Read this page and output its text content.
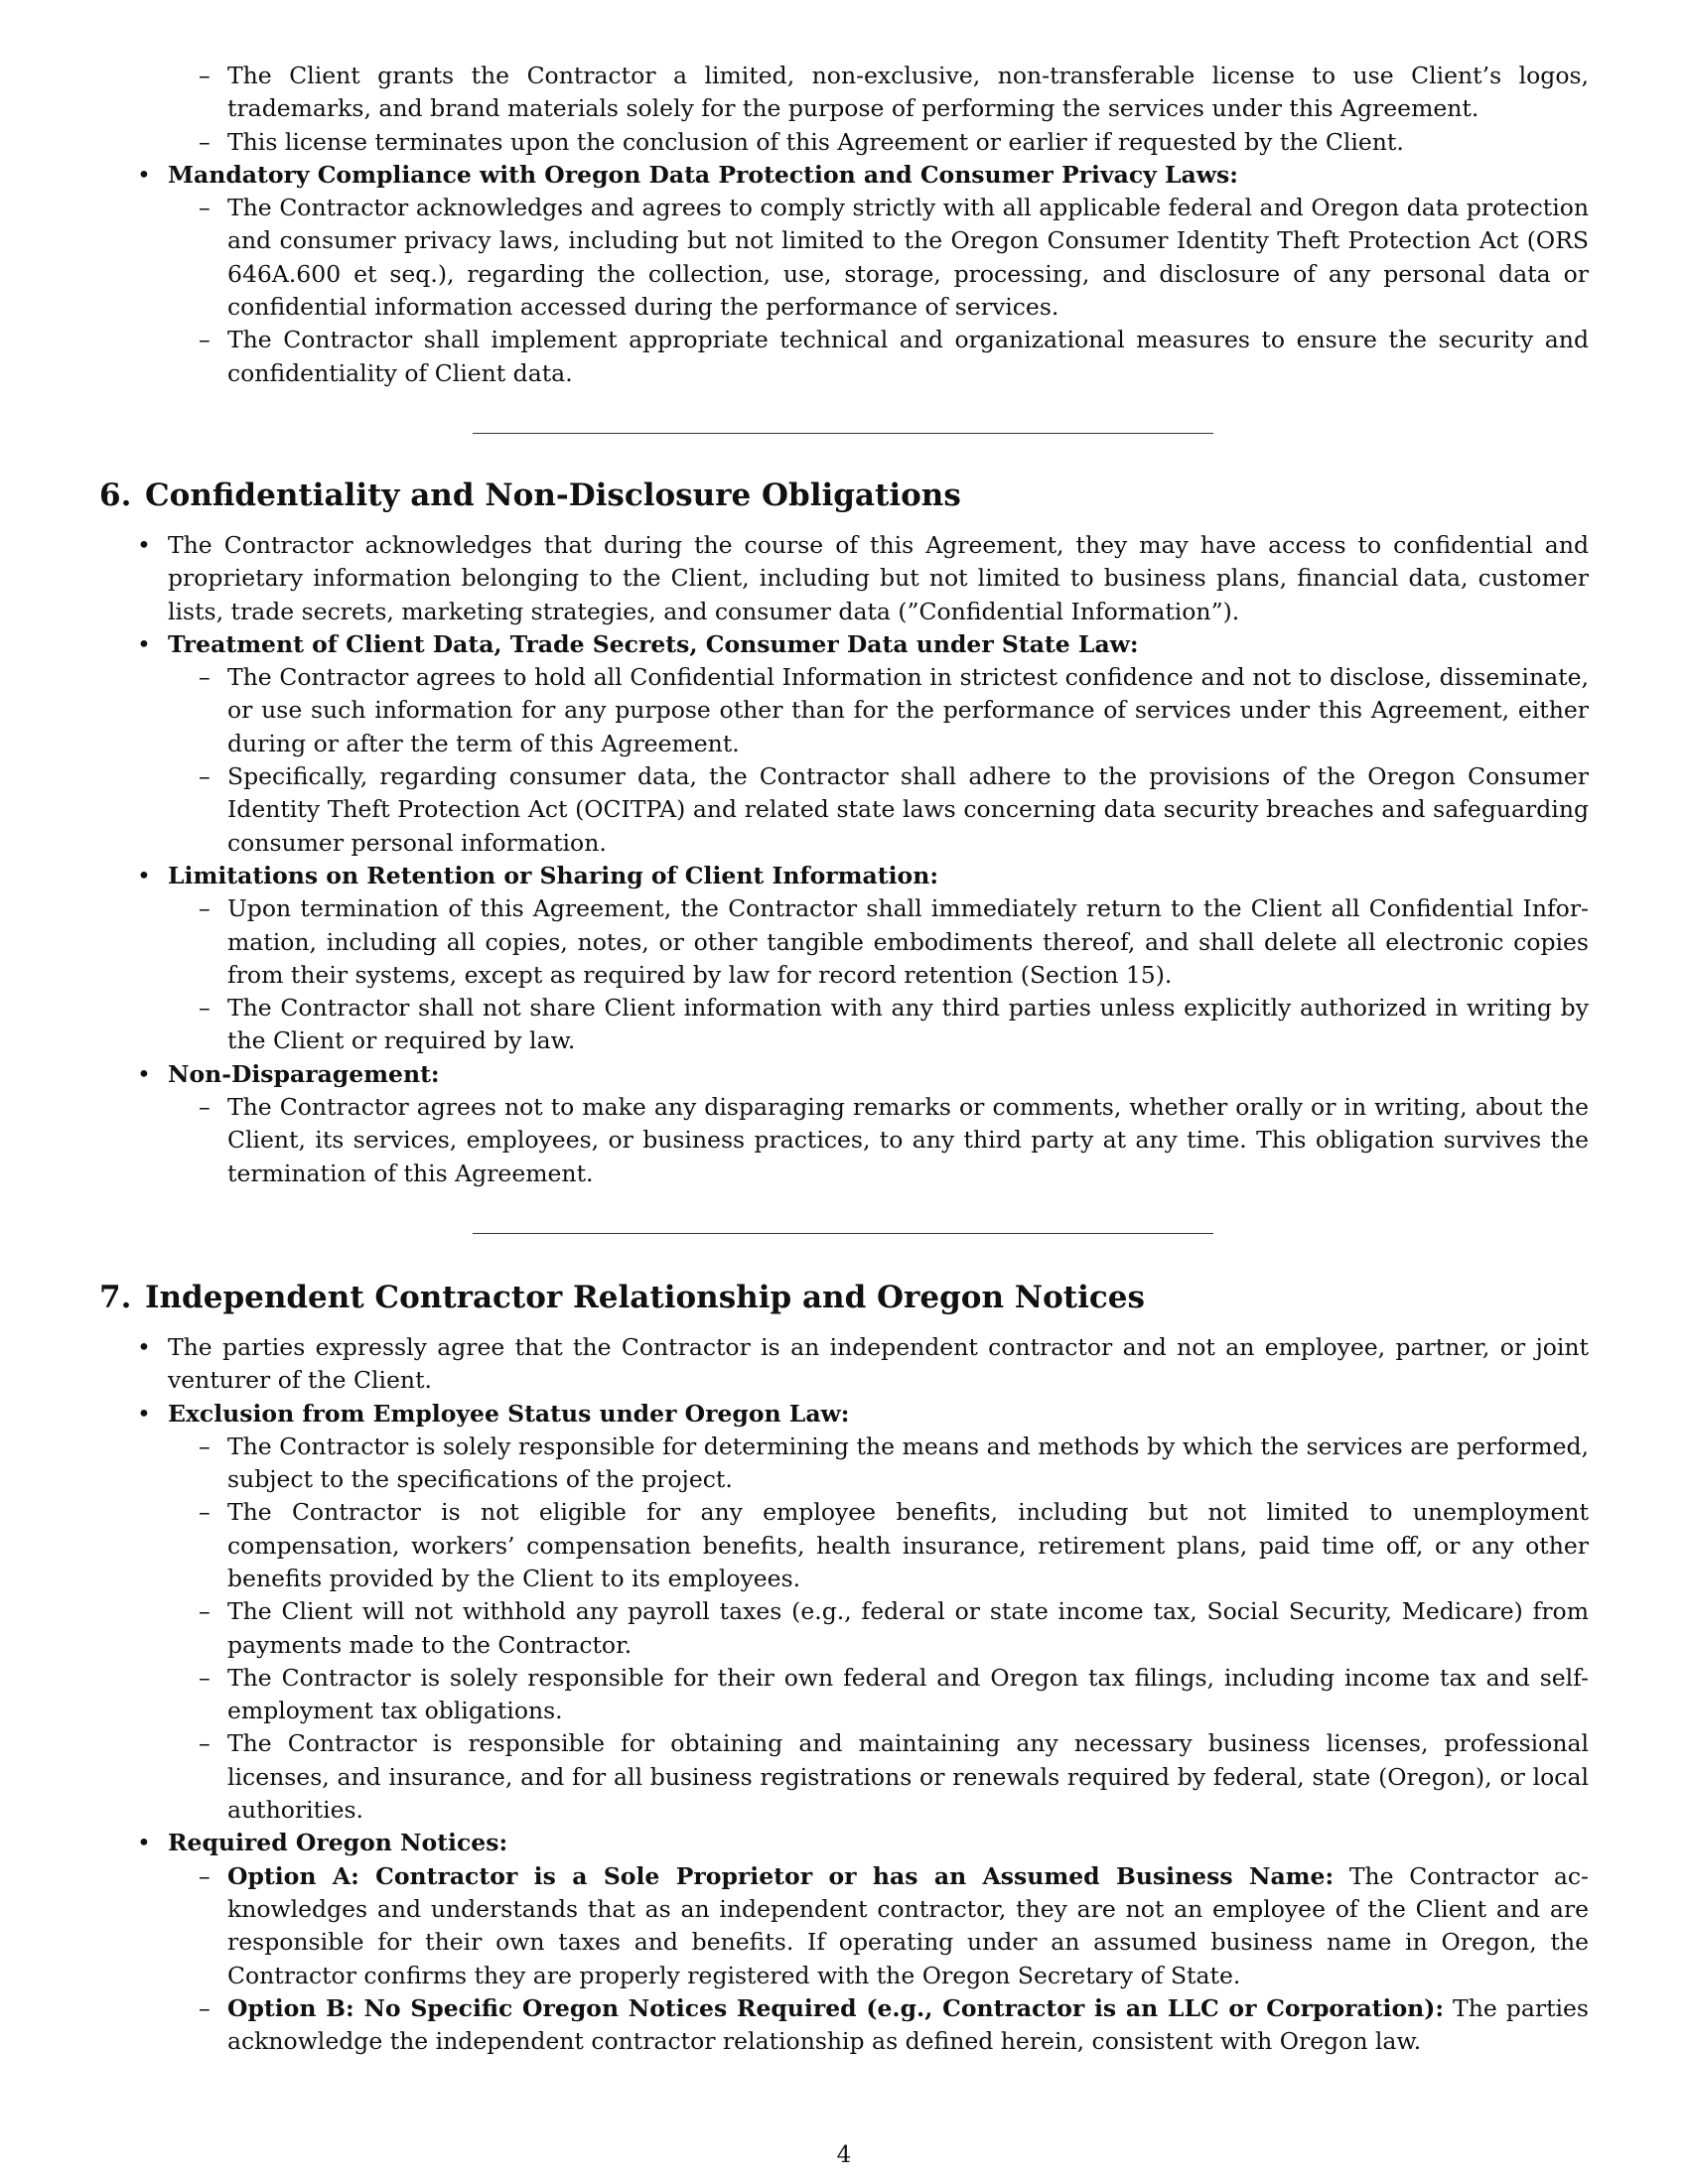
– The Client grants the Contractor a limited, non-exclusive, non-transferable license to use Client’s logos, trademarks, and brand materials solely for the purpose of performing the services under this Agreement.
– This license terminates upon the conclusion of this Agreement or earlier if requested by the Client.
• Mandatory Compliance with Oregon Data Protection and Consumer Privacy Laws:
– The Contractor acknowledges and agrees to comply strictly with all applicable federal and Oregon data protection and consumer privacy laws, including but not limited to the Oregon Consumer Identity Theft Protection Act (ORS 646A.600 et seq.), regarding the collection, use, storage, processing, and disclosure of any personal data or confidential information accessed during the performance of services.
– The Contractor shall implement appropriate technical and organizational measures to ensure the security and confidentiality of Client data.
6. Confidentiality and Non-Disclosure Obligations
• The Contractor acknowledges that during the course of this Agreement, they may have access to confidential and proprietary information belonging to the Client, including but not limited to business plans, financial data, customer lists, trade secrets, marketing strategies, and consumer data (”Confidential Information”).
• Treatment of Client Data, Trade Secrets, Consumer Data under State Law:
– The Contractor agrees to hold all Confidential Information in strictest confidence and not to disclose, disseminate, or use such information for any purpose other than for the performance of services under this Agreement, either during or after the term of this Agreement.
– Specifically, regarding consumer data, the Contractor shall adhere to the provisions of the Oregon Consumer Identity Theft Protection Act (OCITPA) and related state laws concerning data security breaches and safeguarding consumer personal information.
• Limitations on Retention or Sharing of Client Information:
– Upon termination of this Agreement, the Contractor shall immediately return to the Client all Confidential Infor-mation, including all copies, notes, or other tangible embodiments thereof, and shall delete all electronic copies from their systems, except as required by law for record retention (Section 15).
– The Contractor shall not share Client information with any third parties unless explicitly authorized in writing by the Client or required by law.
• Non-Disparagement:
– The Contractor agrees not to make any disparaging remarks or comments, whether orally or in writing, about the Client, its services, employees, or business practices, to any third party at any time. This obligation survives the termination of this Agreement.
7. Independent Contractor Relationship and Oregon Notices
• The parties expressly agree that the Contractor is an independent contractor and not an employee, partner, or joint venturer of the Client.
• Exclusion from Employee Status under Oregon Law:
– The Contractor is solely responsible for determining the means and methods by which the services are performed, subject to the specifications of the project.
– The Contractor is not eligible for any employee benefits, including but not limited to unemployment compensation, workers’ compensation benefits, health insurance, retirement plans, paid time off, or any other benefits provided by the Client to its employees.
– The Client will not withhold any payroll taxes (e.g., federal or state income tax, Social Security, Medicare) from payments made to the Contractor.
– The Contractor is solely responsible for their own federal and Oregon tax filings, including income tax and self-employment tax obligations.
– The Contractor is responsible for obtaining and maintaining any necessary business licenses, professional licenses, and insurance, and for all business registrations or renewals required by federal, state (Oregon), or local authorities.
• Required Oregon Notices:
– Option A: Contractor is a Sole Proprietor or has an Assumed Business Name: The Contractor ac-knowledges and understands that as an independent contractor, they are not an employee of the Client and are responsible for their own taxes and benefits. If operating under an assumed business name in Oregon, the Contractor confirms they are properly registered with the Oregon Secretary of State.
– Option B: No Specific Oregon Notices Required (e.g., Contractor is an LLC or Corporation): The parties acknowledge the independent contractor relationship as defined herein, consistent with Oregon law.
4
